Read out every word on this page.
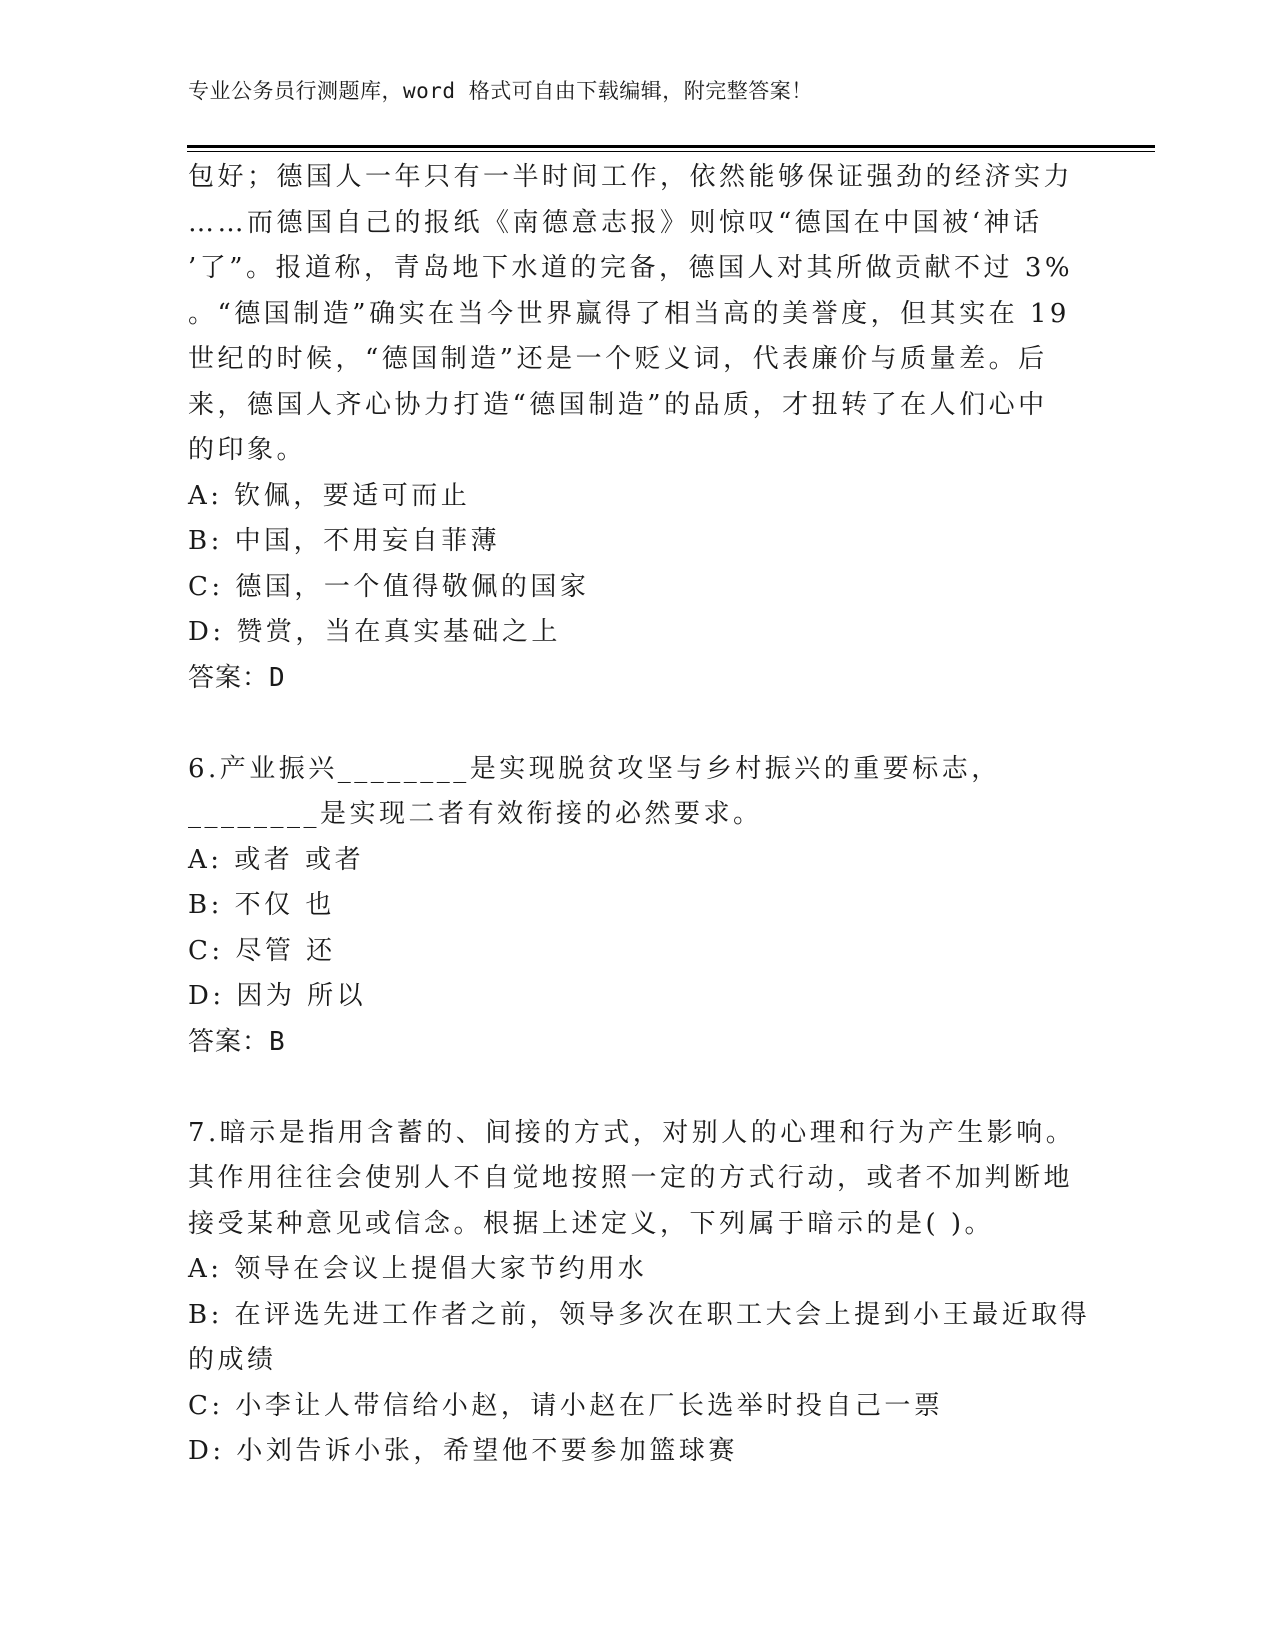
专业公务员行测题库，word 格式可自由下载编辑，附完整答案！
包好；德国人一年只有一半时间工作，依然能够保证强劲的经济实力
……而德国自己的报纸《南德意志报》则惊叹“德国在中国被‘神话
’了”。报道称，青岛地下水道的完备，德国人对其所做贡献不过 3%
。“德国制造”确实在当今世界赢得了相当高的美誉度，但其实在 19
世纪的时候，“德国制造”还是一个贬义词，代表廉价与质量差。后
来，德国人齐心协力打造“德国制造”的品质，才扭转了在人们心中
的印象。
A: 钦佩，要适可而止
B: 中国，不用妄自菲薄
C: 德国，一个值得敬佩的国家
D: 赞赏，当在真实基础之上
答案：D
6.产业振兴________是实现脱贫攻坚与乡村振兴的重要标志，
________是实现二者有效衔接的必然要求。
A: 或者 或者
B: 不仅 也
C: 尽管 还
D: 因为 所以
答案：B
7.暗示是指用含蓄的、间接的方式，对别人的心理和行为产生影响。
其作用往往会使别人不自觉地按照一定的方式行动，或者不加判断地
接受某种意见或信念。根据上述定义，下列属于暗示的是( )。
A: 领导在会议上提倡大家节约用水
B: 在评选先进工作者之前，领导多次在职工大会上提到小王最近取得
的成绩
C: 小李让人带信给小赵，请小赵在厂长选举时投自己一票
D: 小刘告诉小张，希望他不要参加篮球赛
